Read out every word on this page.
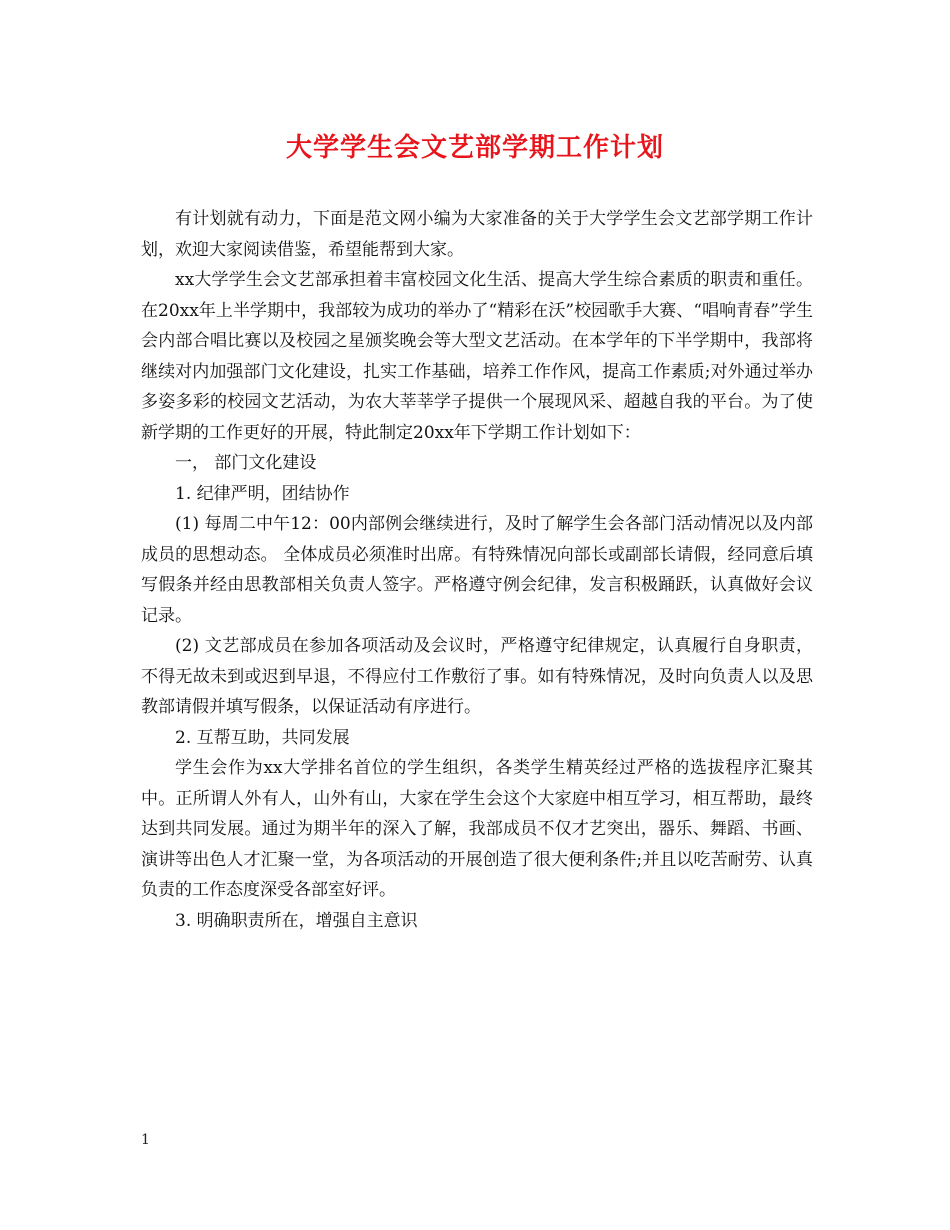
大学学生会文艺部学期工作计划

有计划就有动力，下面是范文网小编为大家准备的关于大学学生会文艺部学期工作计划，欢迎大家阅读借鉴，希望能帮到大家。

xx大学学生会文艺部承担着丰富校园文化生活、提高大学生综合素质的职责和重任。在20xx年上半学期中，我部较为成功的举办了“精彩在沃”校园歌手大赛、“唱响青春”学生会内部合唱比赛以及校园之星颁奖晚会等大型文艺活动。在本学年的下半学期中，我部将继续对内加强部门文化建设，扎实工作基础，培养工作作风，提高工作素质;对外通过举办多姿多彩的校园文艺活动，为农大莘莘学子提供一个展现风采、超越自我的平台。为了使新学期的工作更好的开展，特此制定20xx年下学期工作计划如下：

一， 部门文化建设

1. 纪律严明，团结协作

(1) 每周二中午12：00内部例会继续进行，及时了解学生会各部门活动情况以及内部成员的思想动态。 全体成员必须准时出席。有特殊情况向部长或副部长请假，经同意后填写假条并经由思教部相关负责人签字。严格遵守例会纪律，发言积极踊跃，认真做好会议记录。

(2) 文艺部成员在参加各项活动及会议时，严格遵守纪律规定，认真履行自身职责，不得无故未到或迟到早退，不得应付工作敷衍了事。如有特殊情况，及时向负责人以及思教部请假并填写假条，以保证活动有序进行。

2. 互帮互助，共同发展

学生会作为xx大学排名首位的学生组织，各类学生精英经过严格的选拔程序汇聚其中。正所谓人外有人，山外有山，大家在学生会这个大家庭中相互学习，相互帮助，最终达到共同发展。通过为期半年的深入了解，我部成员不仅才艺突出，器乐、舞蹈、书画、演讲等出色人才汇聚一堂，为各项活动的开展创造了很大便利条件;并且以吃苦耐劳、认真负责的工作态度深受各部室好评。

3. 明确职责所在，增强自主意识

1
